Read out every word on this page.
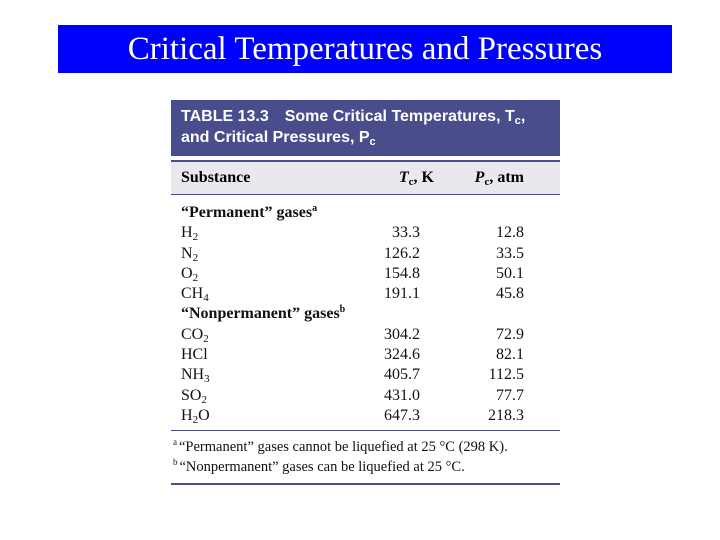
Critical Temperatures and Pressures
TABLE 13.3 Some Critical Temperatures, $T_c$,
and Critical Pressures, $P_c$
Substance	$T_c$, K	$P_c$, atm
“Permanent” gases$^a$
$H_2$	33.3	12.8
$N_2$	126.2	33.5
$O_2$	154.8	50.1
$CH_4$	191.1	45.8
“Nonpermanent” gases$^b$
$CO_2$	304.2	72.9
HCl	324.6	82.1
$NH_3$	405.7	112.5
$SO_2$	431.0	77.7
$H_2O$	647.3	218.3
$^a$ “Permanent” gases cannot be liquefied at 25 °C (298 K).
$^b$ “Nonpermanent” gases can be liquefied at 25 °C.
